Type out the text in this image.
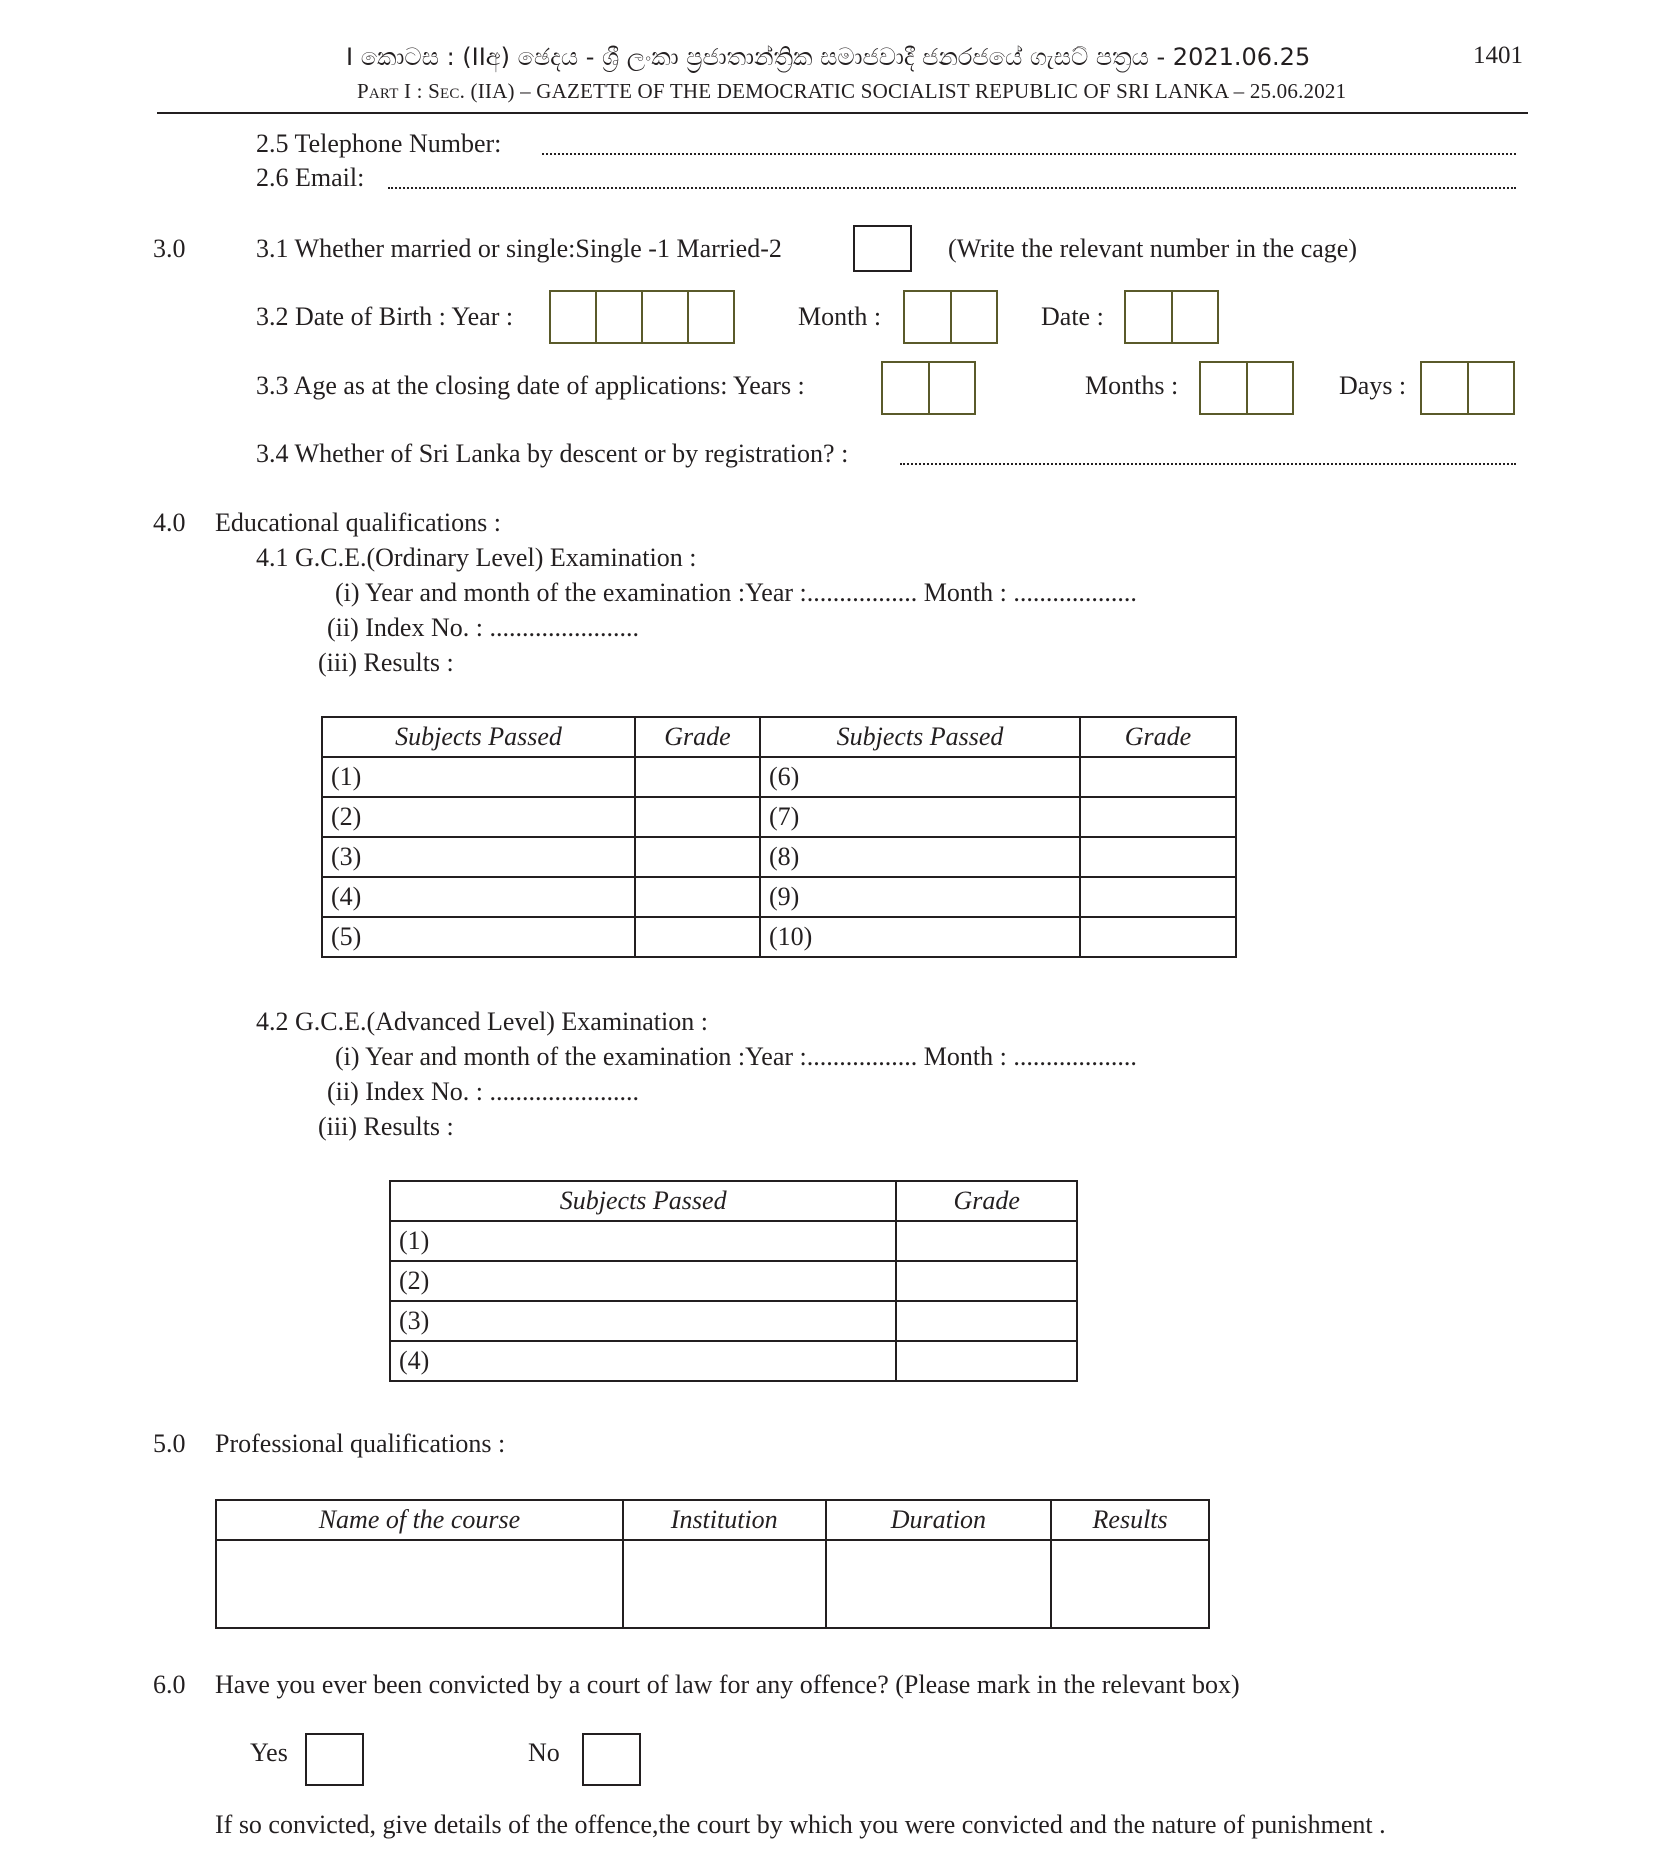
I කොටස : (IIඅ) ඡෙදය - ශ්‍රී ලංකා ප්‍රජාතාන්ත්‍රික සමාජවාදී ජනරජයේ ගැසට් පත්‍රය - 2021.06.25	1401
Part I : Sec. (IIA) – GAZETTE OF THE DEMOCRATIC SOCIALIST REPUBLIC OF SRI LANKA – 25.06.2021
2.5 Telephone Number:
2.6 Email:
3.0	3.1 Whether married or single:Single -1 Married-2	(Write the relevant number in the cage)
3.2 Date of Birth : Year :	Month :	Date :
3.3 Age as at the closing date of applications: Years :	Months :	Days :
3.4 Whether of Sri Lanka by descent or by registration? :
4.0 Educational qualifications :
4.1 G.C.E.(Ordinary Level) Examination :
(i) Year and month of the examination :Year :................. Month : ...................
(ii) Index No. : .......................
(iii) Results :
Subjects Passed	Grade	Subjects Passed	Grade
(1)		(6)	
(2)		(7)	
(3)		(8)	
(4)		(9)	
(5)		(10)	
4.2 G.C.E.(Advanced Level) Examination :
(i) Year and month of the examination :Year :................. Month : ...................
(ii) Index No. : .......................
(iii) Results :
Subjects Passed	Grade
(1)	
(2)	
(3)	
(4)	
5.0 Professional qualifications :
Name of the course	Institution	Duration	Results

6.0 Have you ever been convicted by a court of law for any offence? (Please mark in the relevant box)
Yes	No
If so convicted, give details of the offence,the court by which you were convicted and the nature of punishment .
